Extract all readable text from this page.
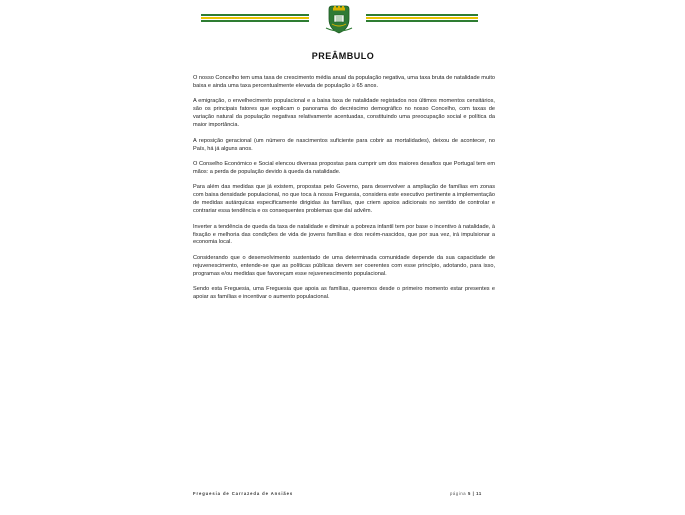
PREÂMBULO

O nosso Concelho tem uma taxa de crescimento média anual da população negativa, uma taxa bruta de natalidade muito baixa e ainda uma taxa percentualmente elevada de população ≥ 65 anos.

A emigração, o envelhecimento populacional e a baixa taxa de natalidade registados nos últimos momentos censitários, são os principais fatores que explicam o panorama do decréscimo demográfico no nosso Concelho, com taxas de variação natural da população negativas relativamente acentuadas, constituindo uma preocupação social e política da maior importância.

A reposição geracional (um número de nascimentos suficiente para cobrir as mortalidades), deixou de acontecer, no País, há já alguns anos.

O Conselho Económico e Social elencou diversas propostas para cumprir um dos maiores desafios que Portugal tem em mãos: a perda de população devido à queda da natalidade.

Para além das medidas que já existem, propostas pelo Governo, para desenvolver a ampliação de famílias em zonas com baixa densidade populacional, no que toca à nossa Freguesia, considera este executivo pertinente a implementação de medidas autárquicas especificamente dirigidas às famílias, que criem apoios adicionais no sentido de controlar e contrariar essa tendência e os consequentes problemas que daí advêm.

Inverter a tendência de queda da taxa de natalidade e diminuir a pobreza infantil tem por base o incentivo à natalidade, à fixação e melhoria das condições de vida de jovens famílias e dos recém-nascidos, que por sua vez, irá impulsionar a economia local.

Considerando que o desenvolvimento sustentado de uma determinada comunidade depende da sua capacidade de rejuvenescimento, entende-se que as políticas públicas devem ser coerentes com esse princípio, adotando, para isso, programas e/ou medidas que favoreçam esse rejuvenescimento populacional.

Sendo esta Freguesia, uma Freguesia que apoia as famílias, queremos desde o primeiro momento estar presentes e apoiar as famílias e incentivar o aumento populacional.

Freguesia de Carrazeda de Ansiães	página 5 | 11
